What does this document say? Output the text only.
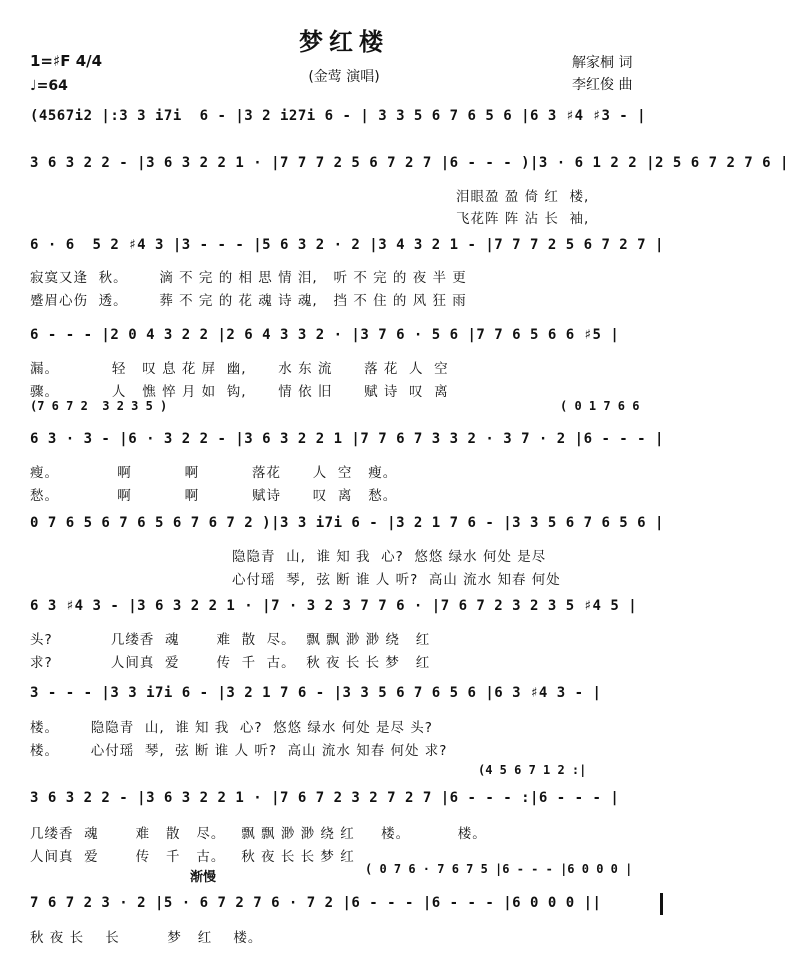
梦红楼
1=♯F 4/4
♩=64
(金莺 演唱)
解家桐 词
李红俊 曲
(4567i2 |:3 3 i7i  6 - |3 2 i27i 6 - | 3 3 5 6 7 6 5 6 |6 3 ♯4 ♯3 - |
3 6 3 2 2 - |3 6 3 2 2 1 · |7 7 7 2 5 6 7 2 7 |6 - - - )|3 · 6 1 2 2 |2 5 6 7 2 7 6 |
6 · 6  5 2 ♯4 3 |3 - - - |5 6 3 2 · 2 |3 4 3 2 1 - |7 7 7 2 5 6 7 2 7 |
6 - - - |2 0 4 3 2 2 |2 6 4 3 3 2 · |3 7 6 · 5 6 |7 7 6 5 6 6 ♯5 |
6 3 · 3 - |6 · 3 2 2 - |3 6 3 2 2 1 |7 7 6 7 3 3 2 · 3 7 · 2 |6 - - - |
0 7 6 5 6 7 6 5 6 7 6 7 2 )|3 3 i7i 6 - |3 2 1 7 6 - |3 3 5 6 7 6 5 6 |
6 3 ♯4 3 - |3 6 3 2 2 1 · |7 · 3 2 3 7 7 6 · |7 6 7 2 3 2 3 5 ♯4 5 |
3 - - - |3 3 i7i 6 - |3 2 1 7 6 - |3 3 5 6 7 6 5 6 |6 3 ♯4 3 - |
3 6 3 2 2 - |3 6 3 2 2 1 · |7 6 7 2 3 2 7 2 7 |6 - - - :|6 - - - |
7 6 7 2 3 · 2 |5 · 6 7 2 7 6 · 7 2 |6 - - - |6 - - - |6 0 0 0 ||
(7 6 7 2  3 2 3 5 )	( 0 1 7 6 6
(4 5 6 7 1 2 :|
( 0 7 6 · 7 6 7 5 |6 - - - |6 0 0 0 |
泪眼盈 盈 倚 红  楼,
飞花阵 阵 沾 长  袖,
寂寞又逢  秋。      滴 不 完 的 相 思 情 泪,   听 不 完 的 夜 半 更
蹙眉心伤  透。      葬 不 完 的 花 魂 诗 魂,   挡 不 住 的 风 狂 雨
漏。          轻   叹 息 花 屏  幽,      水 东 流      落 花  人  空
骤。          人   憔 悴 月 如  钩,      情 依 旧      赋 诗  叹  离
瘦。           啊          啊          落花      人  空   瘦。
愁。           啊          啊          赋诗      叹  离   愁。
隐隐青  山,  谁 知 我  心?  悠悠 绿水 何处 是尽
心付瑶  琴,  弦 断 谁 人 听?  高山 流水 知春 何处
头?           几缕香  魂       难  散  尽。  飘 飘 渺 渺 绕   红
求?           人间真  爱       传  千  古。  秋 夜 长 长 梦   红
楼。      隐隐青  山,  谁 知 我  心?  悠悠 绿水 何处 是尽 头?
楼。      心付瑶  琴,  弦 断 谁 人 听?  高山 流水 知春 何处 求?
几缕香  魂       难   散   尽。   飘 飘 渺 渺 绕 红     楼。         楼。
人间真  爱       传   千   古。   秋 夜 长 长 梦 红
秋 夜 长    长         梦   红    楼。
渐慢
